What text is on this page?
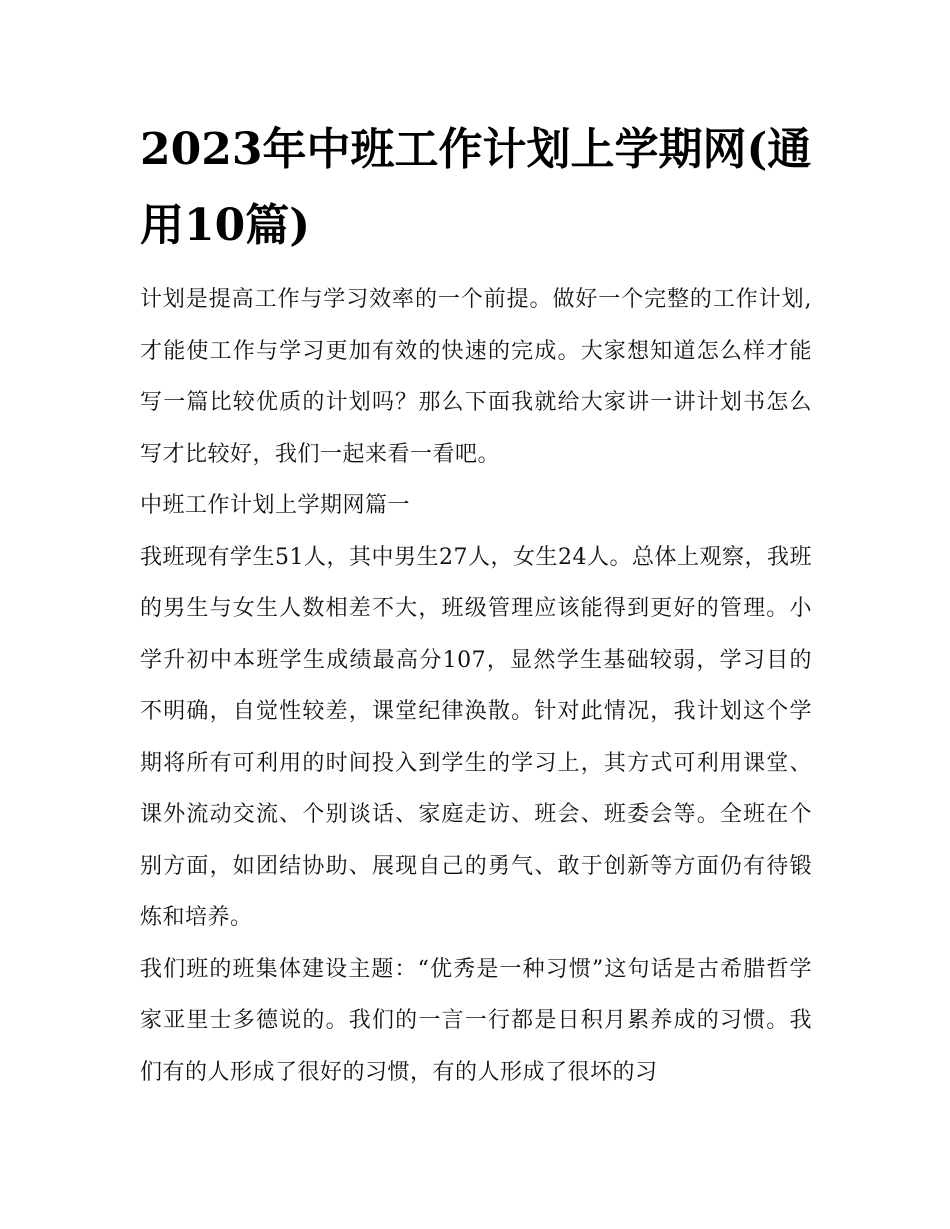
2023年中班工作计划上学期网(通用10篇)

计划是提高工作与学习效率的一个前提。做好一个完整的工作计划,才能使工作与学习更加有效的快速的完成。大家想知道怎么样才能写一篇比较优质的计划吗？那么下面我就给大家讲一讲计划书怎么写才比较好，我们一起来看一看吧。

中班工作计划上学期网篇一

我班现有学生51人，其中男生27人，女生24人。总体上观察，我班的男生与女生人数相差不大，班级管理应该能得到更好的管理。小学升初中本班学生成绩最高分107，显然学生基础较弱，学习目的不明确，自觉性较差，课堂纪律涣散。针对此情况，我计划这个学期将所有可利用的时间投入到学生的学习上，其方式可利用课堂、课外流动交流、个别谈话、家庭走访、班会、班委会等。全班在个别方面，如团结协助、展现自己的勇气、敢于创新等方面仍有待锻炼和培养。

我们班的班集体建设主题：“优秀是一种习惯”这句话是古希腊哲学家亚里士多德说的。我们的一言一行都是日积月累养成的习惯。我们有的人形成了很好的习惯，有的人形成了很坏的习
